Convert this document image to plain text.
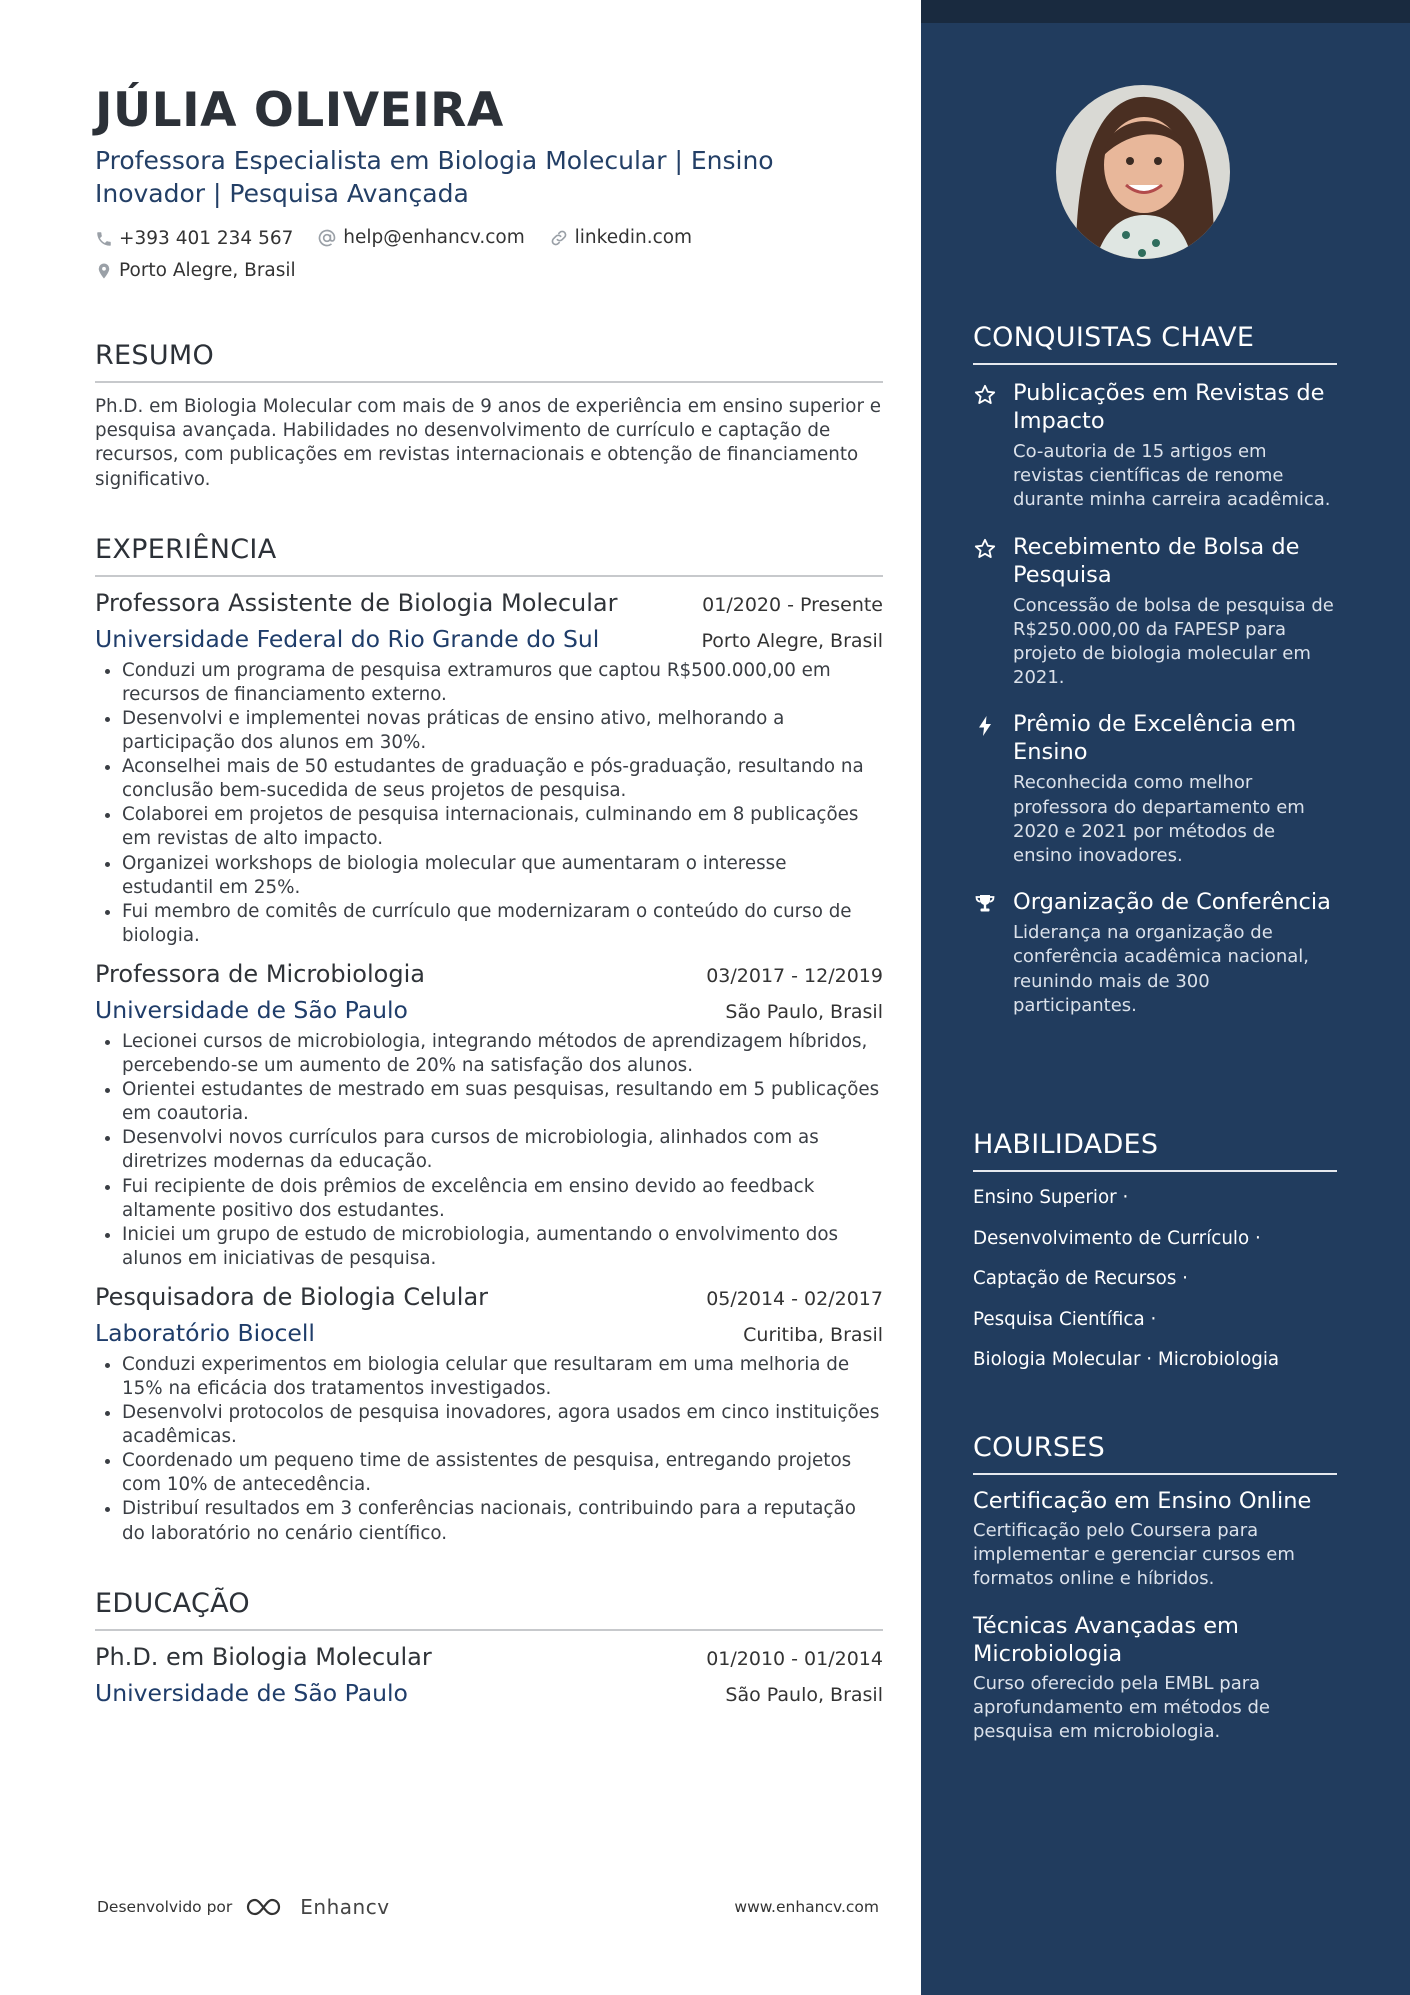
JÚLIA OLIVEIRA
Professora Especialista em Biologia Molecular | Ensino Inovador | Pesquisa Avançada
+393 401 234 567
	help@enhancv.com
	linkedin.com

Porto Alegre, Brasil
RESUMO
Ph.D. em Biologia Molecular com mais de 9 anos de experiência em ensino superior e pesquisa avançada. Habilidades no desenvolvimento de currículo e captação de recursos, com publicações em revistas internacionais e obtenção de financiamento significativo.
EXPERIÊNCIA
Professora Assistente de Biologia Molecular	01/2020 - Presente
Universidade Federal do Rio Grande do Sul	Porto Alegre, Brasil
• Conduzi um programa de pesquisa extramuros que captou R$500.000,00 em recursos de financiamento externo.
• Desenvolvi e implementei novas práticas de ensino ativo, melhorando a participação dos alunos em 30%.
• Aconselhei mais de 50 estudantes de graduação e pós-graduação, resultando na conclusão bem-sucedida de seus projetos de pesquisa.
• Colaborei em projetos de pesquisa internacionais, culminando em 8 publicações em revistas de alto impacto.
• Organizei workshops de biologia molecular que aumentaram o interesse estudantil em 25%.
• Fui membro de comitês de currículo que modernizaram o conteúdo do curso de biologia.
Professora de Microbiologia	03/2017 - 12/2019
Universidade de São Paulo	São Paulo, Brasil
• Lecionei cursos de microbiologia, integrando métodos de aprendizagem híbridos, percebendo-se um aumento de 20% na satisfação dos alunos.
• Orientei estudantes de mestrado em suas pesquisas, resultando em 5 publicações em coautoria.
• Desenvolvi novos currículos para cursos de microbiologia, alinhados com as diretrizes modernas da educação.
• Fui recipiente de dois prêmios de excelência em ensino devido ao feedback altamente positivo dos estudantes.
• Iniciei um grupo de estudo de microbiologia, aumentando o envolvimento dos alunos em iniciativas de pesquisa.
Pesquisadora de Biologia Celular	05/2014 - 02/2017
Laboratório Biocell	Curitiba, Brasil
• Conduzi experimentos em biologia celular que resultaram em uma melhoria de 15% na eficácia dos tratamentos investigados.
• Desenvolvi protocolos de pesquisa inovadores, agora usados em cinco instituições acadêmicas.
• Coordenado um pequeno time de assistentes de pesquisa, entregando projetos com 10% de antecedência.
• Distribuí resultados em 3 conferências nacionais, contribuindo para a reputação do laboratório no cenário científico.
EDUCAÇÃO
Ph.D. em Biologia Molecular	01/2010 - 01/2014
Universidade de São Paulo	São Paulo, Brasil
Desenvolvido por	Enhancv	www.enhancv.com
CONQUISTAS CHAVE
Publicações em Revistas de Impacto
Co-autoria de 15 artigos em revistas científicas de renome durante minha carreira acadêmica.
Recebimento de Bolsa de Pesquisa
Concessão de bolsa de pesquisa de R$250.000,00 da FAPESP para projeto de biologia molecular em 2021.
Prêmio de Excelência em Ensino
Reconhecida como melhor professora do departamento em 2020 e 2021 por métodos de ensino inovadores.
Organização de Conferência
Liderança na organização de conferência acadêmica nacional, reunindo mais de 300 participantes.
HABILIDADES
Ensino Superior ·
Desenvolvimento de Currículo ·
Captação de Recursos ·
Pesquisa Científica ·
Biologia Molecular · Microbiologia
COURSES
Certificação em Ensino Online
Certificação pelo Coursera para implementar e gerenciar cursos em formatos online e híbridos.
Técnicas Avançadas em Microbiologia
Curso oferecido pela EMBL para aprofundamento em métodos de pesquisa em microbiologia.
